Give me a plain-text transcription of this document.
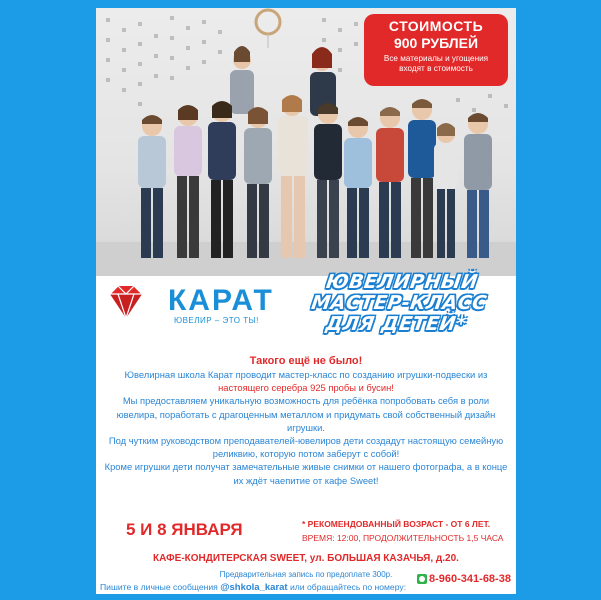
СТОИМОСТЬ
900 РУБЛЕЙ
Все материалы и угощения
входят в стоимость
КАРАТ
ЮВЕЛИР – ЭТО ТЫ!
ЮВЕЛИРНЫЙ
МАСТЕР-КЛАСС
ДЛЯ ДЕТЕЙ*
Такого ещё не было!
Ювелирная школа Карат проводит мастер-класс по созданию игрушки-подвески из
настоящего серебра 925 пробы и бусин!
Мы предоставляем уникальную возможность для ребёнка попробовать себя в роли ювелира, поработать с драгоценным металлом и придумать свой собственный дизайн игрушки.
Под чутким руководством преподавателей-ювелиров дети создадут настоящую семейную реликвию, которую потом заберут с собой!
Кроме игрушки дети получат замечательные живые снимки от нашего фотографа, а в конце их ждёт чаепитие от кафе Sweet!
5 И 8 ЯНВАРЯ	* РЕКОМЕНДОВАННЫЙ ВОЗРАСТ - ОТ 6 ЛЕТ.
ВРЕМЯ: 12:00, ПРОДОЛЖИТЕЛЬНОСТЬ 1,5 ЧАСА
КАФЕ-КОНДИТЕРСКАЯ SWEET, ул. БОЛЬШАЯ КАЗАЧЬЯ, д.20.
Предварительная запись по предоплате 300р.
Пишите в личные сообщения @shkola_karat или обращайтесь по номеру:
8-960-341-68-38
